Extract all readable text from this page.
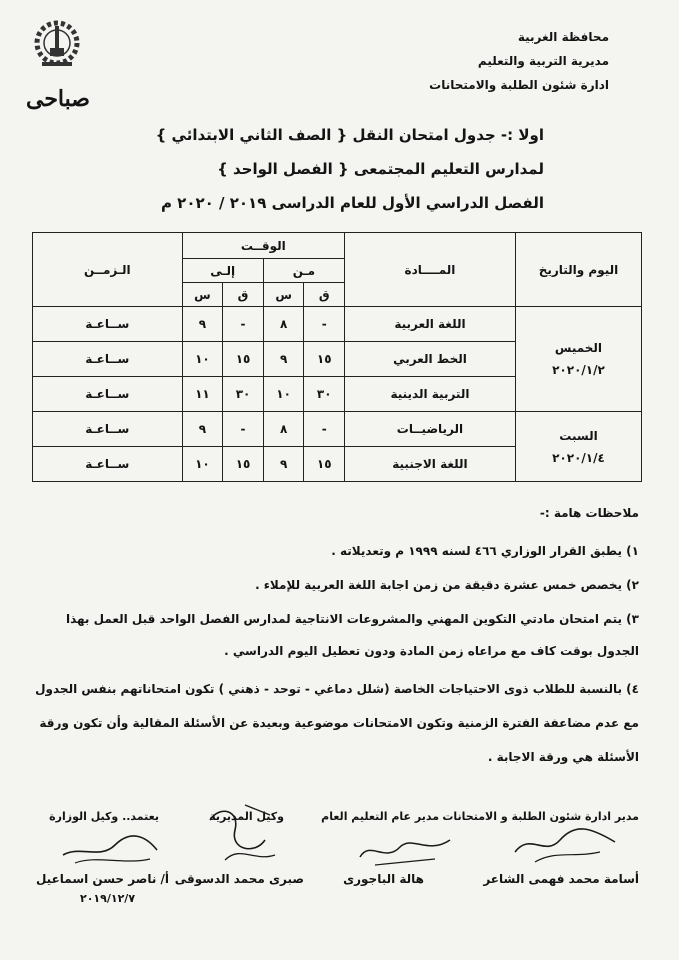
صباحى
محافظة الغربية
مديرية التربية والتعليم
ادارة شئون الطلبة والامتحانات
اولا :- جدول امتحان النقل { الصف الثاني الابتدائي }
لمدارس التعليم المجتمعى { الفصل الواحد }
الفصل الدراسي الأول للعام الدراسى ٢٠١٩ / ٢٠٢٠ م
اليوم والتاريخ	المــــادة	الوقــت				الـزمــن
		مـن		إلـى		
		ق	س	ق	س	

الخميس
٢٠٢٠/١/٢	اللغة العربية	-	٨	-	٩	ســاعـة
	الخط العربي	١٥	٩	١٥	١٠	ســاعـة
	التربية الدينية	٣٠	١٠	٣٠	١١	ســاعـة

السبت
٢٠٢٠/١/٤	الرياضيــات	-	٨	-	٩	ســاعـة
	اللغة الاجنبية	١٥	٩	١٥	١٠	ســاعـة
ملاحظات هامة :-
١) يطبق القرار الوزاري ٤٦٦ لسنه ١٩٩٩ م وتعديلاته .
٢) يخصص خمس عشرة دقيقة من زمن اجابة اللغة العربية للإملاء .
٣) يتم امتحان مادتي التكوين المهني والمشروعات الانتاجية لمدارس الفصل الواحد قبل العمل بهذا
الجدول بوقت كاف مع مراعاه زمن المادة ودون تعطيل اليوم الدراسي .
٤) بالنسبة للطلاب ذوى الاحتياجات الخاصة (شلل دماغي - توحد - ذهني ) تكون امتحاناتهم بنفس الجدول
مع عدم مضاعفة الفترة الزمنية وتكون الامتحانات موضوعية وبعيدة عن الأسئلة المقالية وأن تكون ورقة
الأسئلة هي ورقة الاجابة .
مدير ادارة شئون الطلبة و الامتحانات
مدير عام التعليم العام
وكيل المديرية
يعتمد.. وكيل الوزارة
أسامة محمد فهمى الشاعر
هالة الباجورى
صبرى محمد الدسوقى
أ/ ناصر حسن اسماعيل
٢٠١٩/١٢/٧
